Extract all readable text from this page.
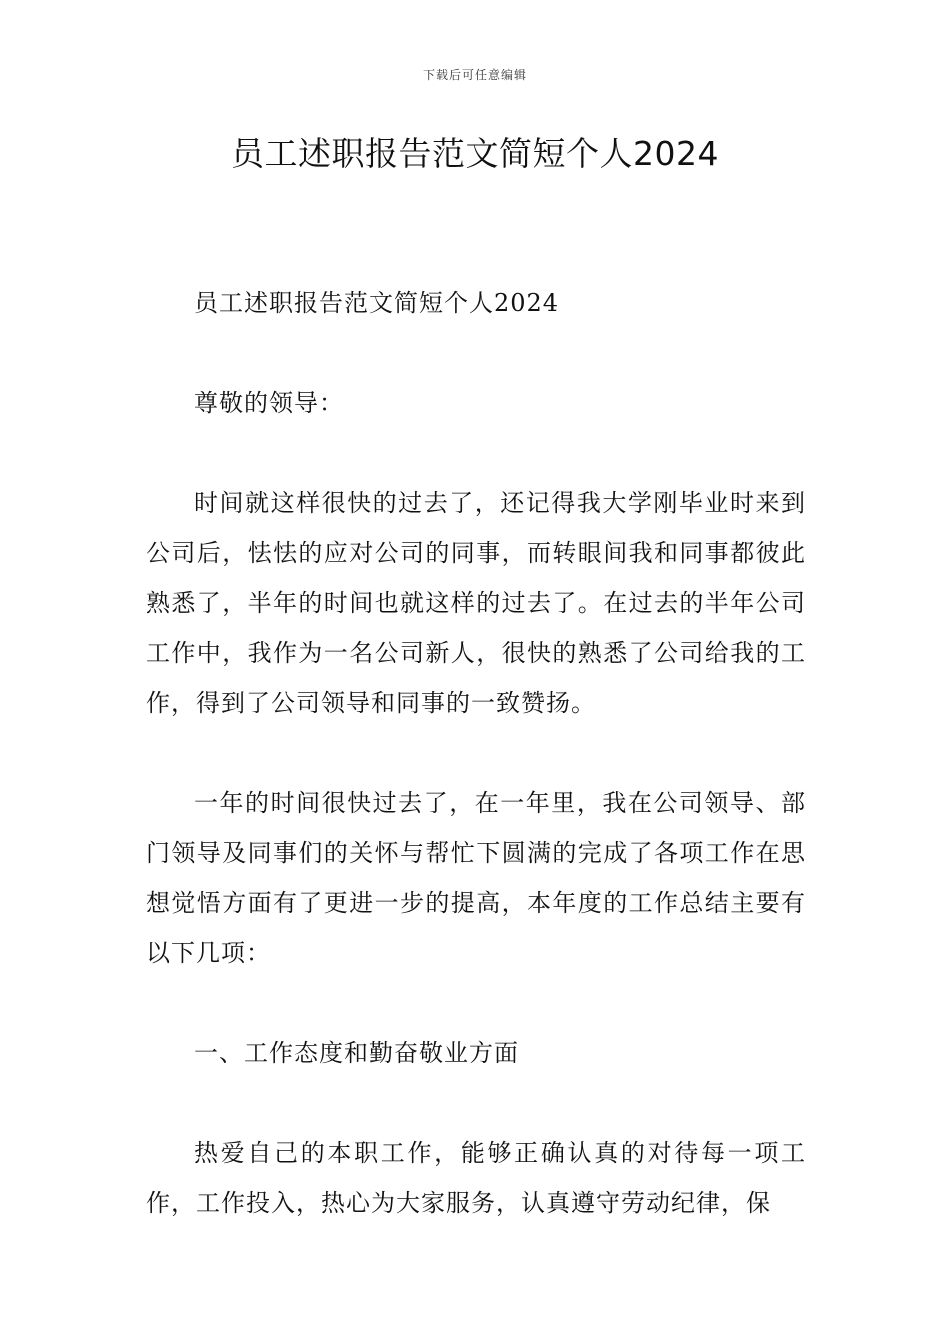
下载后可任意编辑
员工述职报告范文简短个人2024

员工述职报告范文简短个人2024

尊敬的领导：

时间就这样很快的过去了，还记得我大学刚毕业时来到公司后，怯怯的应对公司的同事，而转眼间我和同事都彼此熟悉了，半年的时间也就这样的过去了。在过去的半年公司工作中，我作为一名公司新人，很快的熟悉了公司给我的工作，得到了公司领导和同事的一致赞扬。

一年的时间很快过去了，在一年里，我在公司领导、部门领导及同事们的关怀与帮忙下圆满的完成了各项工作在思想觉悟方面有了更进一步的提高，本年度的工作总结主要有以下几项：

一、工作态度和勤奋敬业方面

热爱自己的本职工作，能够正确认真的对待每一项工作，工作投入，热心为大家服务，认真遵守劳动纪律，保
